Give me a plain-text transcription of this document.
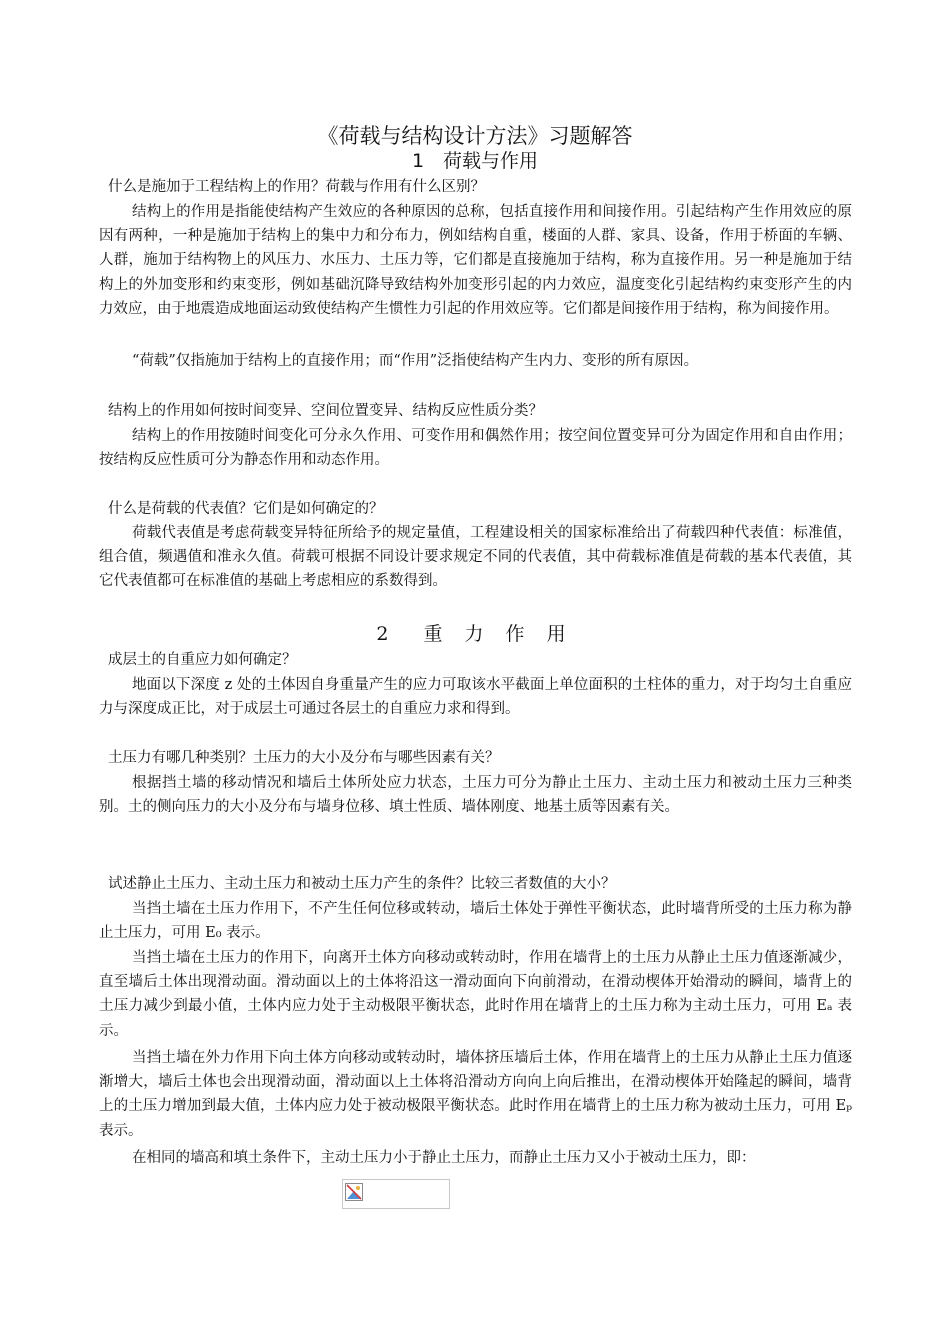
《荷载与结构设计方法》习题解答
1　荷载与作用
什么是施加于工程结构上的作用？荷载与作用有什么区别？

结构上的作用是指能使结构产生效应的各种原因的总称，包括直接作用和间接作用。引起结构产生作用效应的原因有两种，一种是施加于结构上的集中力和分布力，例如结构自重，楼面的人群、家具、设备，作用于桥面的车辆、人群，施加于结构物上的风压力、水压力、土压力等，它们都是直接施加于结构，称为直接作用。另一种是施加于结构上的外加变形和约束变形，例如基础沉降导致结构外加变形引起的内力效应，温度变化引起结构约束变形产生的内力效应，由于地震造成地面运动致使结构产生惯性力引起的作用效应等。它们都是间接作用于结构，称为间接作用。

“荷载”仅指施加于结构上的直接作用；而“作用”泛指使结构产生内力、变形的所有原因。

结构上的作用如何按时间变异、空间位置变异、结构反应性质分类？

结构上的作用按随时间变化可分永久作用、可变作用和偶然作用；按空间位置变异可分为固定作用和自由作用；按结构反应性质可分为静态作用和动态作用。

什么是荷载的代表值？它们是如何确定的？

荷载代表值是考虑荷载变异特征所给予的规定量值，工程建设相关的国家标准给出了荷载四种代表值：标准值，组合值，频遇值和准永久值。荷载可根据不同设计要求规定不同的代表值，其中荷载标准值是荷载的基本代表值，其它代表值都可在标准值的基础上考虑相应的系数得到。

2　重 力 作 用
成层土的自重应力如何确定？

地面以下深度 z 处的土体因自身重量产生的应力可取该水平截面上单位面积的土柱体的重力，对于均匀土自重应力与深度成正比，对于成层土可通过各层土的自重应力求和得到。

土压力有哪几种类别？土压力的大小及分布与哪些因素有关？

根据挡土墙的移动情况和墙后土体所处应力状态，土压力可分为静止土压力、主动土压力和被动土压力三种类别。土的侧向压力的大小及分布与墙身位移、填土性质、墙体刚度、地基土质等因素有关。

试述静止土压力、主动土压力和被动土压力产生的条件？比较三者数值的大小？

当挡土墙在土压力作用下，不产生任何位移或转动，墙后土体处于弹性平衡状态，此时墙背所受的土压力称为静止土压力，可用 E₀ 表示。

当挡土墙在土压力的作用下，向离开土体方向移动或转动时，作用在墙背上的土压力从静止土压力值逐渐减少，直至墙后土体出现滑动面。滑动面以上的土体将沿这一滑动面向下向前滑动，在滑动楔体开始滑动的瞬间，墙背上的土压力减少到最小值，土体内应力处于主动极限平衡状态，此时作用在墙背上的土压力称为主动土压力，可用 Eₐ 表示。

当挡土墙在外力作用下向土体方向移动或转动时，墙体挤压墙后土体，作用在墙背上的土压力从静止土压力值逐渐增大，墙后土体也会出现滑动面，滑动面以上土体将沿滑动方向向上向后推出，在滑动楔体开始隆起的瞬间，墙背上的土压力增加到最大值，土体内应力处于被动极限平衡状态。此时作用在墙背上的土压力称为被动土压力，可用 Eₚ 表示。

在相同的墙高和填土条件下，主动土压力小于静止土压力，而静止土压力又小于被动土压力，即：
